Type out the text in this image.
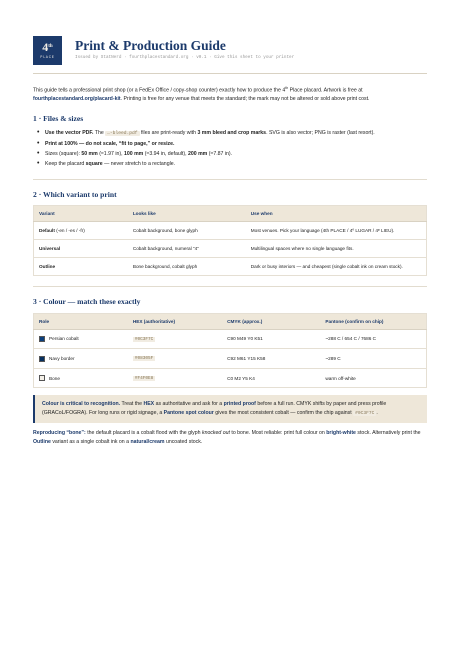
4th
PLACE
Print & Production Guide
Issued by StatNerd · fourthplacestandard.org · v0.1 · Give this sheet to your printer

This guide tells a professional print shop (or a FedEx Office / copy-shop counter) exactly how to produce the 4th Place placard. Artwork is free at fourthplacestandard.org/placard-kit. Printing is free for any venue that meets the standard; the mark may not be altered or sold above print cost.

1 · Files & sizes
• Use the vector PDF. The …-bleed.pdf files are print-ready with 3 mm bleed and crop marks. SVG is also vector; PNG is raster (last resort).
• Print at 100% — do not scale, “fit to page,” or resize.
• Sizes (square): 50 mm (≈1.97 in), 100 mm (≈3.94 in, default), 200 mm (≈7.87 in).
• Keep the placard square — never stretch to a rectangle.
2 · Which variant to print
Variant	Looks like	Use when
Default (-en / -es / -fr)	Cobalt background, bone glyph	Most venues. Pick your language (4th PLACE / 4º LUGAR / 4ᵉ LIEU).
Universal	Cobalt background, numeral “4”	Multilingual spaces where no single language fits.
Outline	Bone background, cobalt glyph	Dark or busy interiors — and cheapest (single cobalt ink on cream stock).
3 · Colour — match these exactly
Role	HEX (authoritative)	CMYK (approx.)	Pantone (confirm on chip)
Persian cobalt	#0C3F7C	C90 M49 Y0 K51	~288 C / 654 C / 7686 C
Navy border	#08305F	C92 M61 Y15 K58	~289 C
Bone	#F4F0E8	C0 M2 Y5 K4	warm off-white
Colour is critical to recognition. Treat the HEX as authoritative and ask for a printed proof before a full run. CMYK shifts by paper and press profile (GRACoL/FOGRA). For long runs or rigid signage, a Pantone spot colour gives the most consistent cobalt — confirm the chip against #0C3F7C .

Reproducing “bone”: the default placard is a cobalt flood with the glyph knocked out to bone. Most reliable: print full colour on bright-white stock. Alternatively print the Outline variant as a single cobalt ink on a natural/cream uncoated stock.
